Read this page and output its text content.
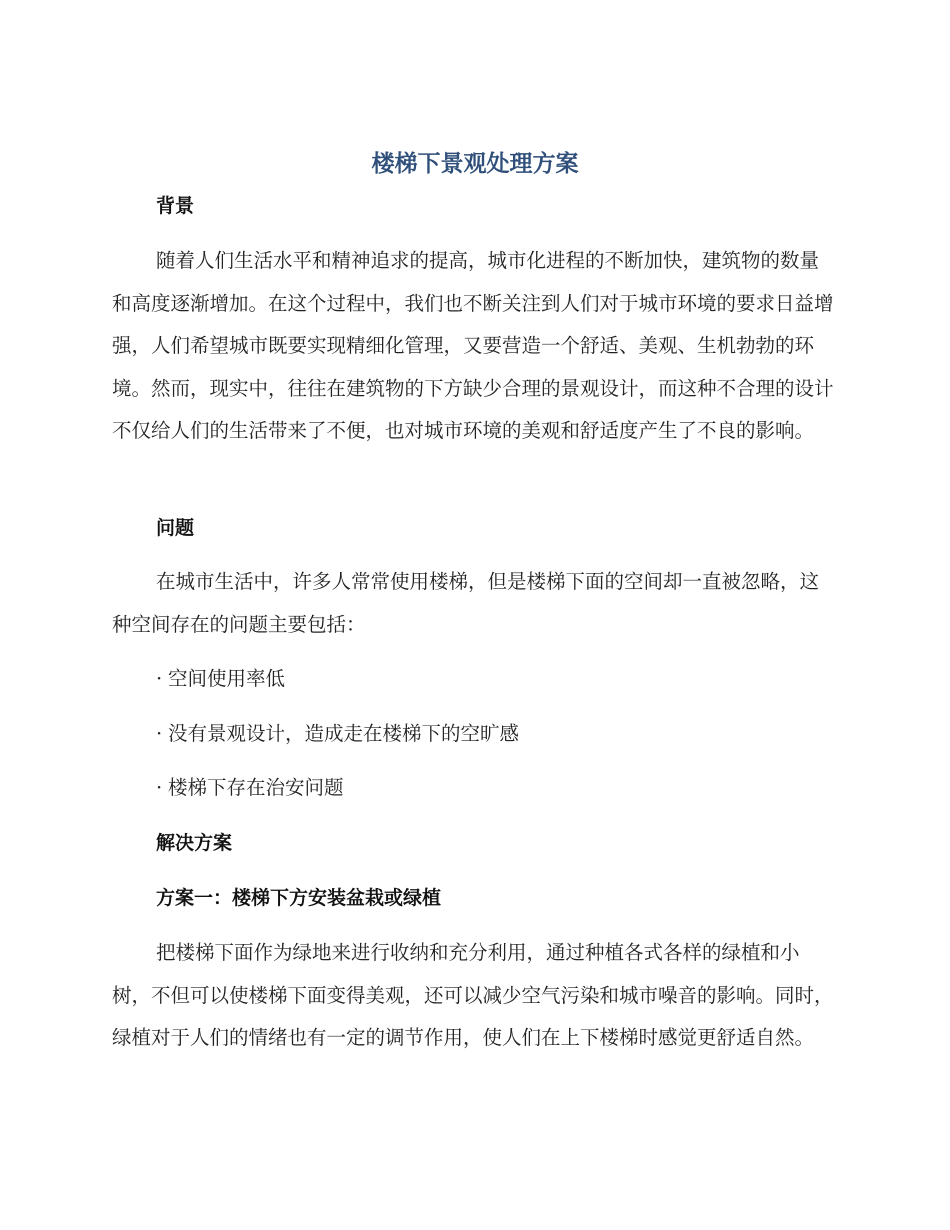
楼梯下景观处理方案
背景

随着人们生活水平和精神追求的提高，城市化进程的不断加快，建筑物的数量和高度逐渐增加。在这个过程中，我们也不断关注到人们对于城市环境的要求日益增强，人们希望城市既要实现精细化管理，又要营造一个舒适、美观、生机勃勃的环境。然而，现实中，往往在建筑物的下方缺少合理的景观设计，而这种不合理的设计不仅给人们的生活带来了不便，也对城市环境的美观和舒适度产生了不良的影响。

问题

在城市生活中，许多人常常使用楼梯，但是楼梯下面的空间却一直被忽略，这种空间存在的问题主要包括：

· 空间使用率低
· 没有景观设计，造成走在楼梯下的空旷感
· 楼梯下存在治安问题
解决方案
方案一：楼梯下方安装盆栽或绿植

把楼梯下面作为绿地来进行收纳和充分利用，通过种植各式各样的绿植和小树，不但可以使楼梯下面变得美观，还可以减少空气污染和城市噪音的影响。同时，绿植对于人们的情绪也有一定的调节作用，使人们在上下楼梯时感觉更舒适自然。
